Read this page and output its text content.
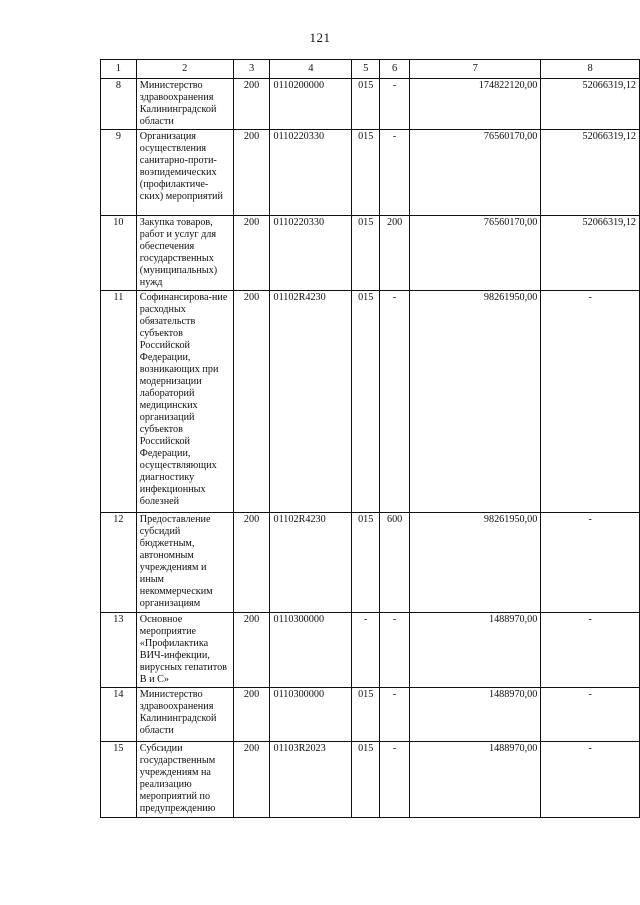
121
1	2	3	4	5	6	7	8
8	Министерство здравоохранения Калининградской области	200	0110200000	015	-	174822120,00	52066319,12
9	Организация осуществления санитарно-проти-воэпидемических (профилактиче-ских) мероприятий	200	0110220330	015	-	76560170,00	52066319,12
10	Закупка товаров, работ и услуг для обеспечения государственных (муниципальных) нужд	200	0110220330	015	200	76560170,00	52066319,12
11	Софинансирова-ние расходных обязательств субъектов Российской Федерации, возникающих при модернизации лабораторий медицинских организаций субъектов Российской Федерации, осуществляющих диагностику инфекционных болезней	200	01102R4230	015	-	98261950,00	-
12	Предоставление субсидий бюджетным, автономным учреждениям и иным некоммерческим организациям	200	01102R4230	015	600	98261950,00	-
13	Основное мероприятие «Профилактика ВИЧ-инфекции, вирусных гепатитов В и С»	200	0110300000	-	-	1488970,00	-
14	Министерство здравоохранения Калининградской области	200	0110300000	015	-	1488970,00	-
15	Субсидии государственным учреждениям на реализацию мероприятий по предупреждению	200	01103R2023	015	-	1488970,00	-
